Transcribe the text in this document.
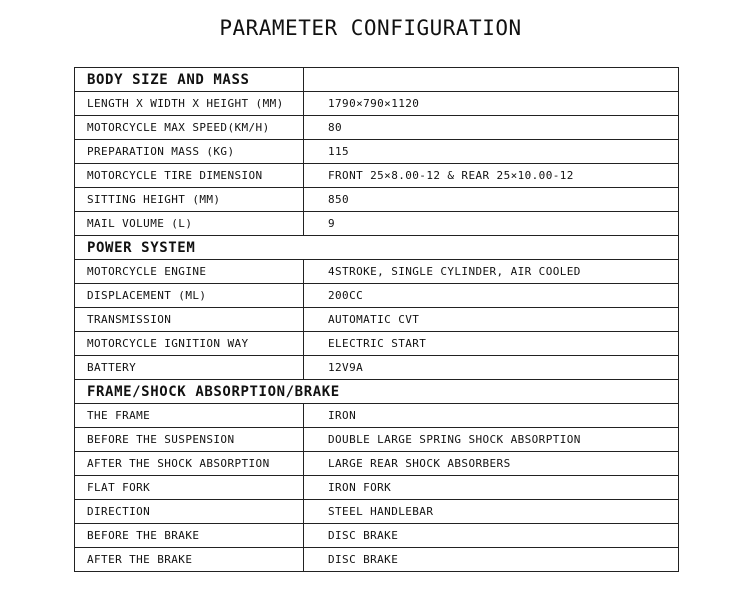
PARAMETER CONFIGURATION
BODY SIZE AND MASS	
LENGTH X WIDTH X HEIGHT (MM)	1790×790×1120
MOTORCYCLE MAX SPEED(KM/H)	80
PREPARATION MASS (KG)	115
MOTORCYCLE TIRE DIMENSION	FRONT 25×8.00-12 & REAR 25×10.00-12
SITTING HEIGHT (MM)	850
MAIL VOLUME (L)	9
POWER SYSTEM	
MOTORCYCLE ENGINE	4STROKE, SINGLE CYLINDER, AIR COOLED
DISPLACEMENT (ML)	200CC
TRANSMISSION	AUTOMATIC CVT
MOTORCYCLE IGNITION WAY	ELECTRIC START
BATTERY	12V9A
FRAME/SHOCK ABSORPTION/BRAKE	
THE FRAME	IRON
BEFORE THE SUSPENSION	DOUBLE LARGE SPRING SHOCK ABSORPTION
AFTER THE SHOCK ABSORPTION	LARGE REAR SHOCK ABSORBERS
FLAT FORK	IRON FORK
DIRECTION	STEEL HANDLEBAR
BEFORE THE BRAKE	DISC BRAKE
AFTER THE BRAKE	DISC BRAKE
